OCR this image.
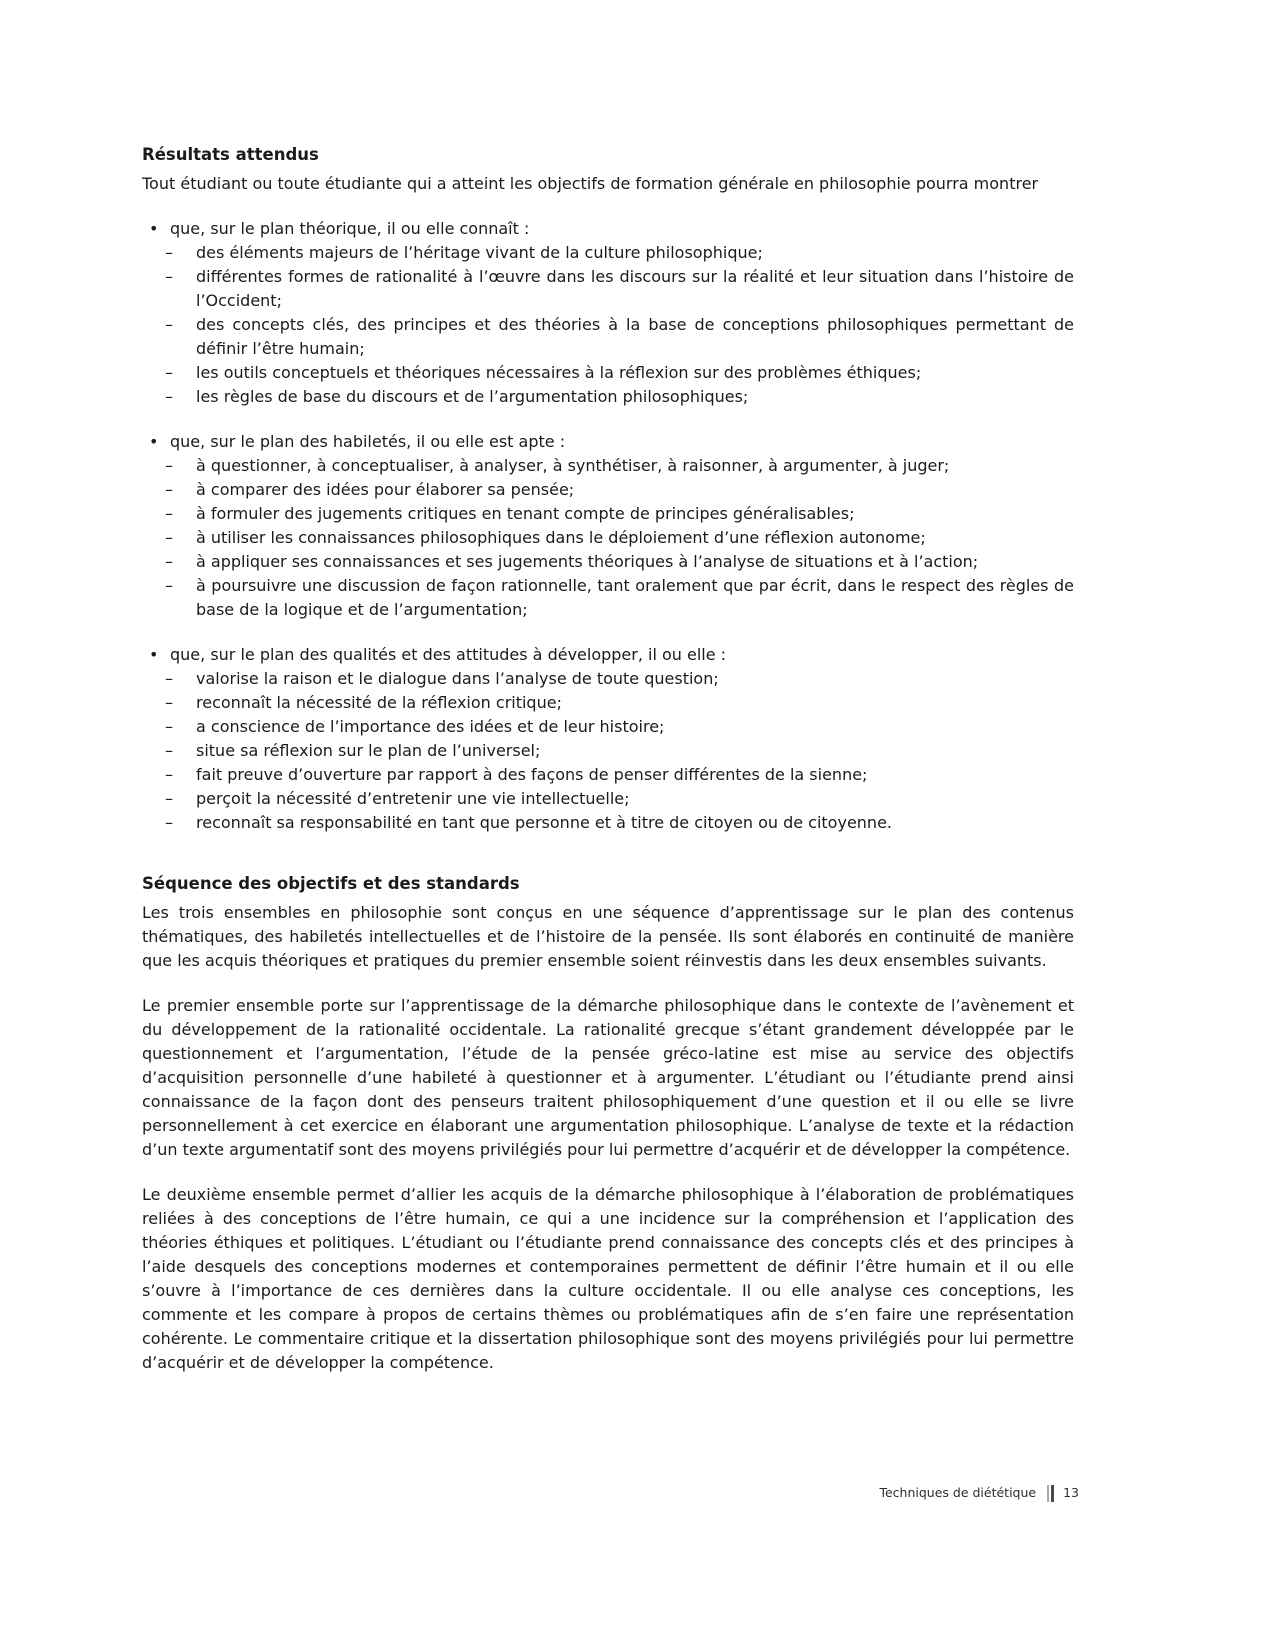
Résultats attendus

Tout étudiant ou toute étudiante qui a atteint les objectifs de formation générale en philosophie pourra montrer

• que, sur le plan théorique, il ou elle connaît :
–	des éléments majeurs de l’héritage vivant de la culture philosophique;
–	différentes formes de rationalité à l’œuvre dans les discours sur la réalité et leur situation dans l’histoire de l’Occident;
–	des concepts clés, des principes et des théories à la base de conceptions philosophiques permettant de définir l’être humain;
–	les outils conceptuels et théoriques nécessaires à la réflexion sur des problèmes éthiques;
–	les règles de base du discours et de l’argumentation philosophiques;
• que, sur le plan des habiletés, il ou elle est apte :
–	à questionner, à conceptualiser, à analyser, à synthétiser, à raisonner, à argumenter, à juger;
–	à comparer des idées pour élaborer sa pensée;
–	à formuler des jugements critiques en tenant compte de principes généralisables;
–	à utiliser les connaissances philosophiques dans le déploiement d’une réflexion autonome;
–	à appliquer ses connaissances et ses jugements théoriques à l’analyse de situations et à l’action;
–	à poursuivre une discussion de façon rationnelle, tant oralement que par écrit, dans le respect des règles de base de la logique et de l’argumentation;
• que, sur le plan des qualités et des attitudes à développer, il ou elle :
–	valorise la raison et le dialogue dans l’analyse de toute question;
–	reconnaît la nécessité de la réflexion critique;
–	a conscience de l’importance des idées et de leur histoire;
–	situe sa réflexion sur le plan de l’universel;
–	fait preuve d’ouverture par rapport à des façons de penser différentes de la sienne;
–	perçoit la nécessité d’entretenir une vie intellectuelle;
–	reconnaît sa responsabilité en tant que personne et à titre de citoyen ou de citoyenne.
Séquence des objectifs et des standards

Les trois ensembles en philosophie sont conçus en une séquence d’apprentissage sur le plan des contenus thématiques, des habiletés intellectuelles et de l’histoire de la pensée. Ils sont élaborés en continuité de manière que les acquis théoriques et pratiques du premier ensemble soient réinvestis dans les deux ensembles suivants.

Le premier ensemble porte sur l’apprentissage de la démarche philosophique dans le contexte de l’avènement et du développement de la rationalité occidentale. La rationalité grecque s’étant grandement développée par le questionnement et l’argumentation, l’étude de la pensée gréco-latine est mise au service des objectifs d’acquisition personnelle d’une habileté à questionner et à argumenter. L’étudiant ou l’étudiante prend ainsi connaissance de la façon dont des penseurs traitent philosophiquement d’une question et il ou elle se livre personnellement à cet exercice en élaborant une argumentation philosophique. L’analyse de texte et la rédaction d’un texte argumentatif sont des moyens privilégiés pour lui permettre d’acquérir et de développer la compétence.

Le deuxième ensemble permet d’allier les acquis de la démarche philosophique à l’élaboration de problématiques reliées à des conceptions de l’être humain, ce qui a une incidence sur la compréhension et l’application des théories éthiques et politiques. L’étudiant ou l’étudiante prend connaissance des concepts clés et des principes à l’aide desquels des conceptions modernes et contemporaines permettent de définir l’être humain et il ou elle s’ouvre à l’importance de ces dernières dans la culture occidentale. Il ou elle analyse ces conceptions, les commente et les compare à propos de certains thèmes ou problématiques afin de s’en faire une représentation cohérente. Le commentaire critique et la dissertation philosophique sont des moyens privilégiés pour lui permettre d’acquérir et de développer la compétence.

Techniques de diététique 13
